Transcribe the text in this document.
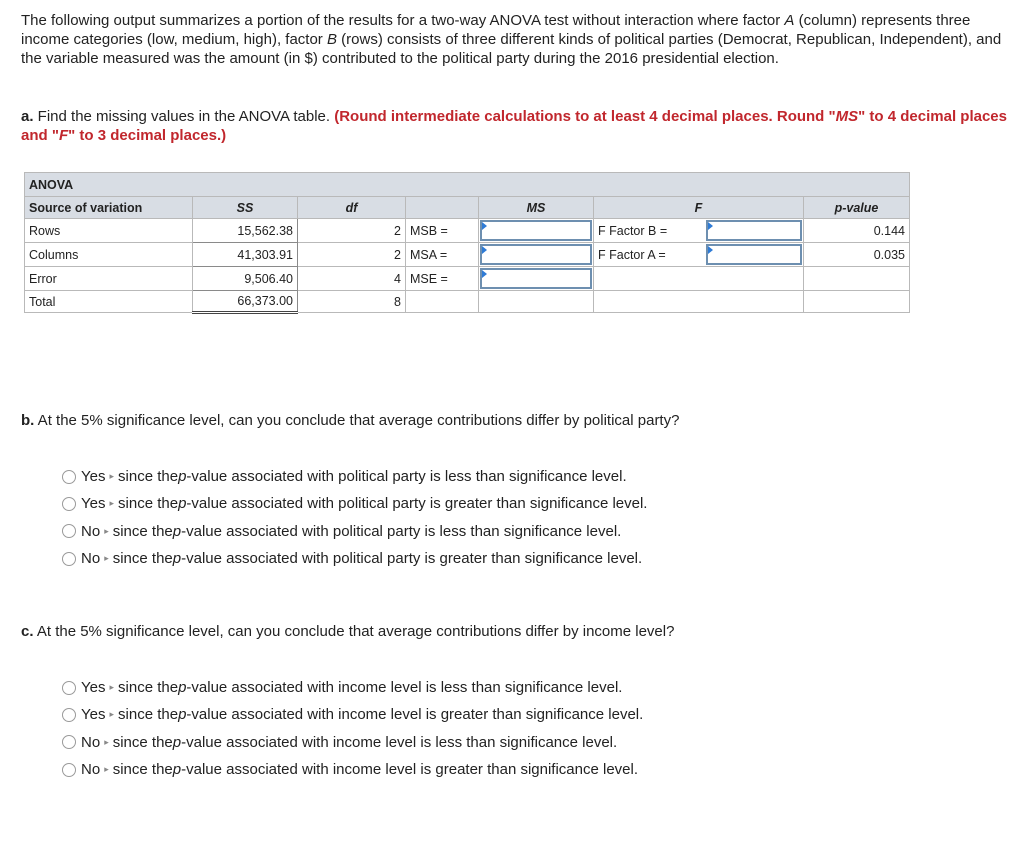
The following output summarizes a portion of the results for a two-way ANOVA test without interaction where factor A (column) represents three income categories (low, medium, high), factor B (rows) consists of three different kinds of political parties (Democrat, Republican, Independent), and the variable measured was the amount (in $) contributed to the political party during the 2016 presidential election.
a. Find the missing values in the ANOVA table. (Round intermediate calculations to at least 4 decimal places. Round "MS" to 4 decimal places and "F" to 3 decimal places.)
ANOVA						
Source of variation	SS	df		MS	F	p-value
Rows	15,562.38	2	MSB =		F Factor B =	0.144
Columns	41,303.91	2	MSA =		F Factor A =	0.035
Error	9,506.40	4	MSE =	

Total	66,373.00	8				
b. At the 5% significance level, can you conclude that average contributions differ by political party?
Yes ▸ since the p -value associated with political party is less than significance level.
Yes ▸ since the p -value associated with political party is greater than significance level.
No ▸ since the p -value associated with political party is less than significance level.
No ▸ since the p -value associated with political party is greater than significance level.
c. At the 5% significance level, can you conclude that average contributions differ by income level?
Yes ▸ since the p -value associated with income level is less than significance level.
Yes ▸ since the p -value associated with income level is greater than significance level.
No ▸ since the p -value associated with income level is less than significance level.
No ▸ since the p -value associated with income level is greater than significance level.
